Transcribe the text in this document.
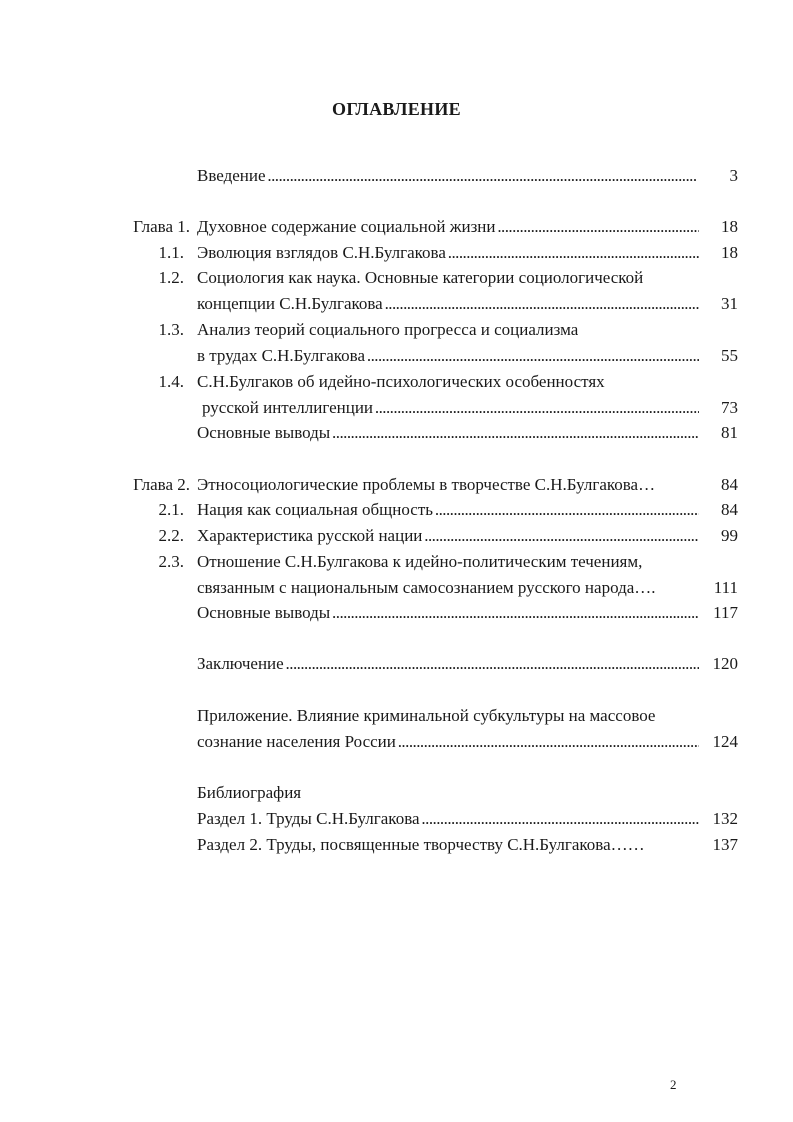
ОГЛАВЛЕНИЕ
Введение . . .	3
Глава 1. Духовное содержание социальной жизни . . .	18
1.1. Эволюция взглядов С.Н.Булгакова . . .	18
1.2. Социология как наука. Основные категории социологической
концепции С.Н.Булгакова . . .	31
1.3. Анализ теорий социального прогресса и социализма
в трудах С.Н.Булгакова . . .	55
1.4. С.Н.Булгаков об идейно-психологических особенностях
русской интеллигенции . . .	73
Основные выводы . . .	81
Глава 2. Этносоциологические проблемы в творчестве С.Н.Булгакова…	84
2.1. Нация как социальная общность . . .	84
2.2. Характеристика русской нации . . .	99
2.3. Отношение С.Н.Булгакова к идейно-политическим течениям,
связанным с национальным самосознанием русского народа….	111
Основные выводы . . .	117
Заключение . . .	120
Приложение. Влияние криминальной субкультуры на массовое
сознание населения России . . .	124
Библиография
Раздел 1. Труды С.Н.Булгакова . . .	132
Раздел 2. Труды, посвященные творчеству С.Н.Булгакова……	137
2
